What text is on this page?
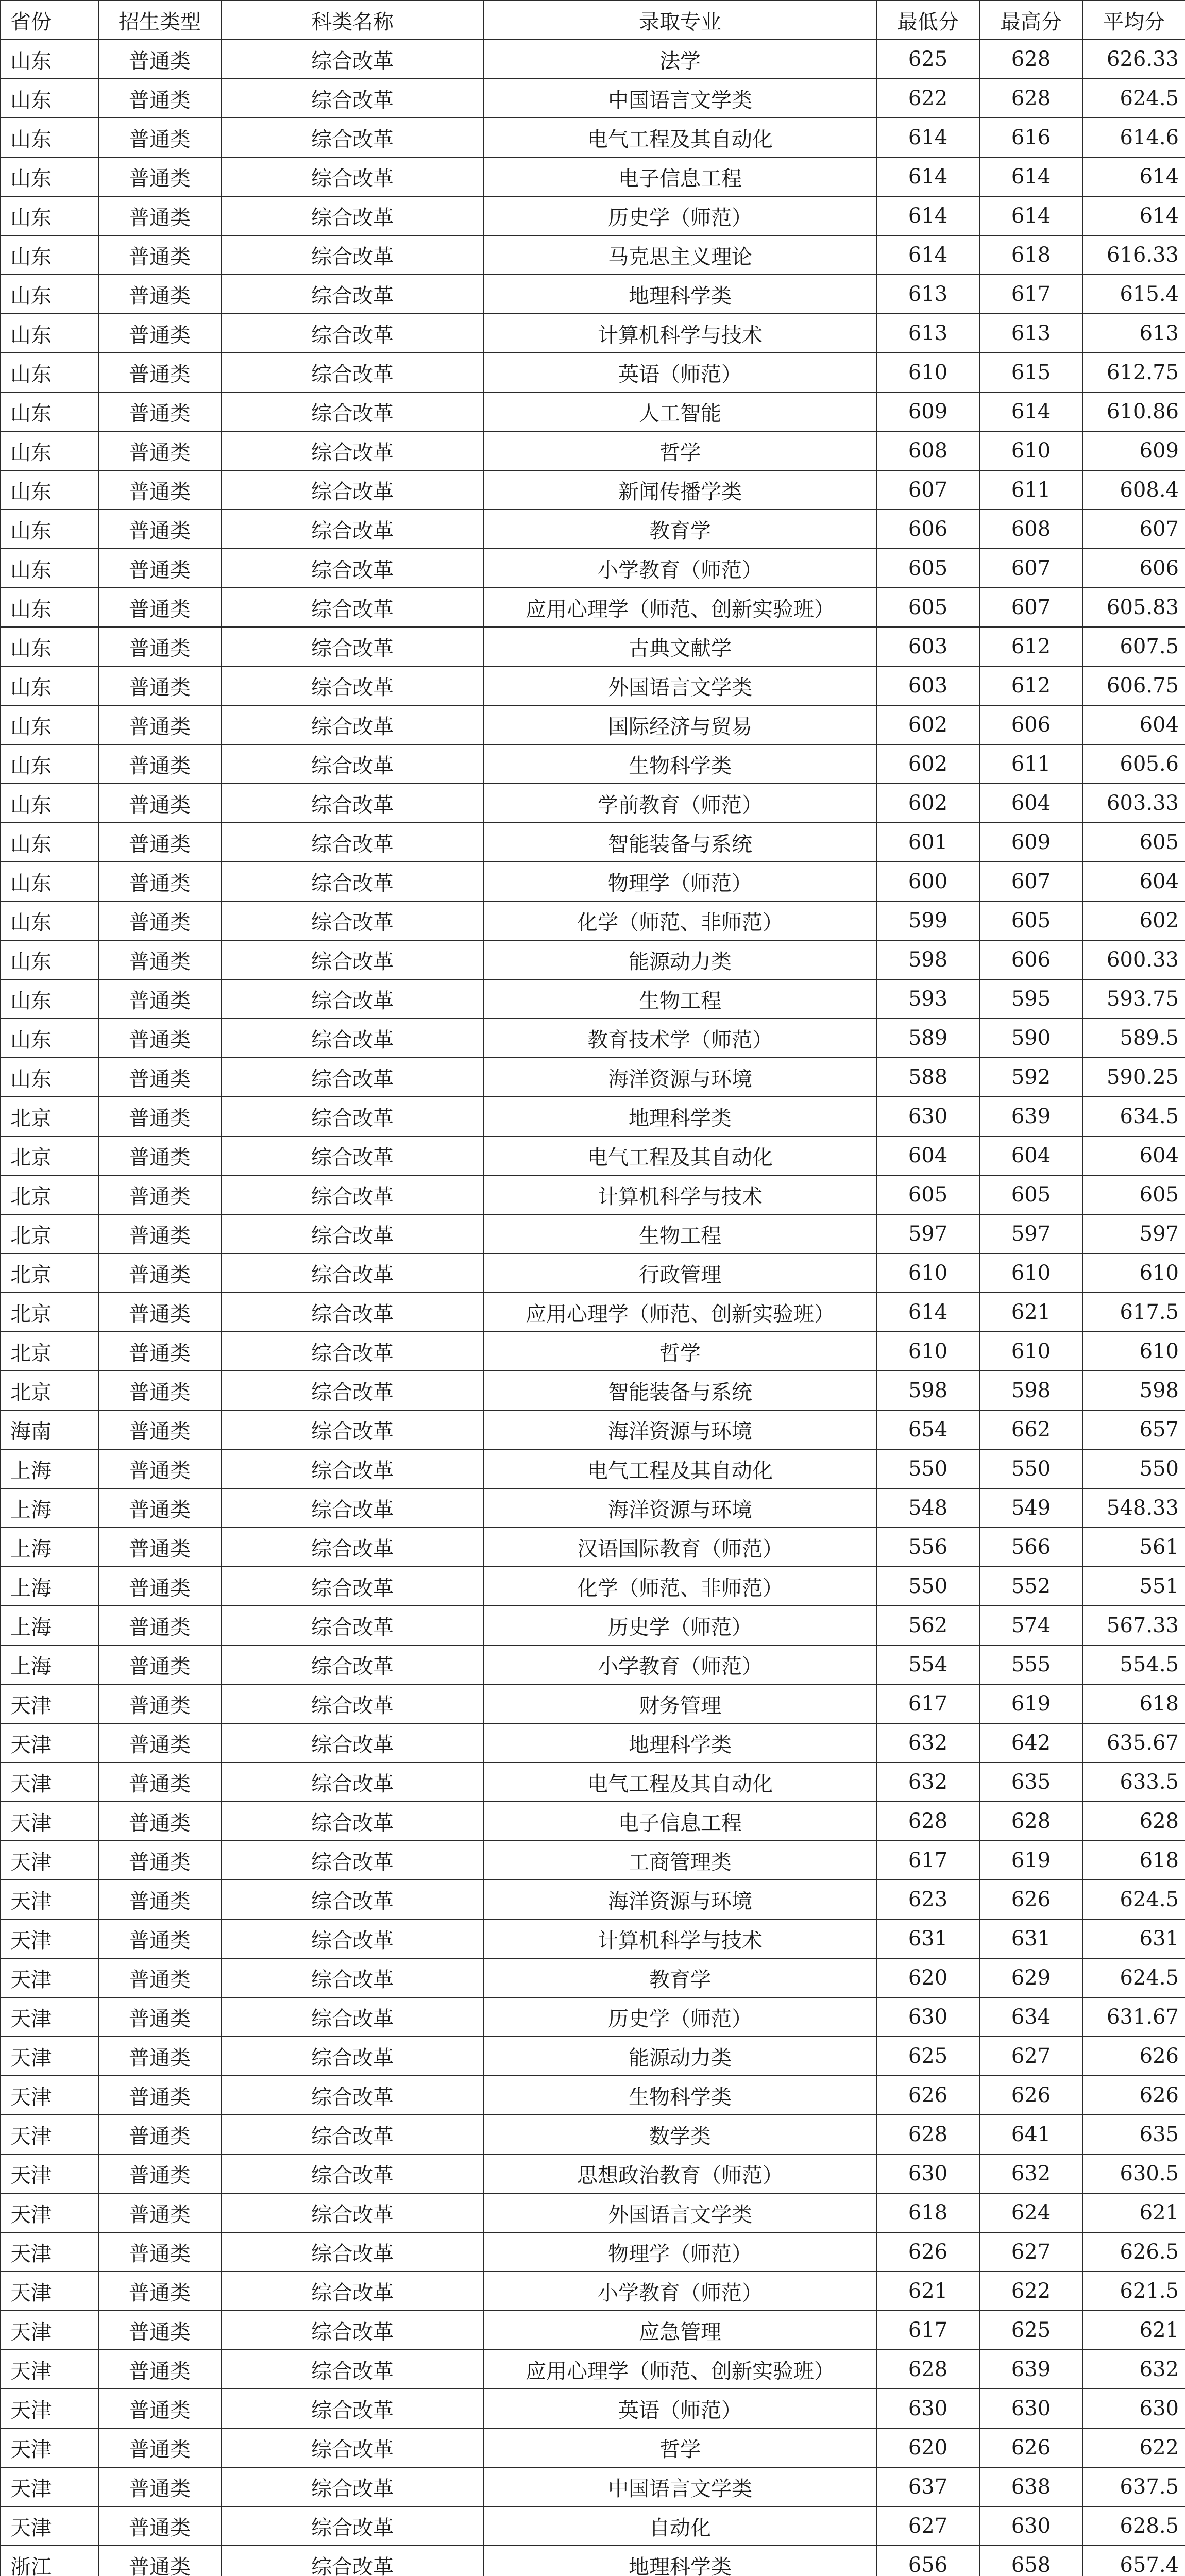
省份	招生类型	科类名称	录取专业	最低分	最高分	平均分
山东	普通类	综合改革	法学	625	628	626.33
山东	普通类	综合改革	中国语言文学类	622	628	624.5
山东	普通类	综合改革	电气工程及其自动化	614	616	614.6
山东	普通类	综合改革	电子信息工程	614	614	614
山东	普通类	综合改革	历史学（师范）	614	614	614
山东	普通类	综合改革	马克思主义理论	614	618	616.33
山东	普通类	综合改革	地理科学类	613	617	615.4
山东	普通类	综合改革	计算机科学与技术	613	613	613
山东	普通类	综合改革	英语（师范）	610	615	612.75
山东	普通类	综合改革	人工智能	609	614	610.86
山东	普通类	综合改革	哲学	608	610	609
山东	普通类	综合改革	新闻传播学类	607	611	608.4
山东	普通类	综合改革	教育学	606	608	607
山东	普通类	综合改革	小学教育（师范）	605	607	606
山东	普通类	综合改革	应用心理学（师范、创新实验班）	605	607	605.83
山东	普通类	综合改革	古典文献学	603	612	607.5
山东	普通类	综合改革	外国语言文学类	603	612	606.75
山东	普通类	综合改革	国际经济与贸易	602	606	604
山东	普通类	综合改革	生物科学类	602	611	605.6
山东	普通类	综合改革	学前教育（师范）	602	604	603.33
山东	普通类	综合改革	智能装备与系统	601	609	605
山东	普通类	综合改革	物理学（师范）	600	607	604
山东	普通类	综合改革	化学（师范、非师范）	599	605	602
山东	普通类	综合改革	能源动力类	598	606	600.33
山东	普通类	综合改革	生物工程	593	595	593.75
山东	普通类	综合改革	教育技术学（师范）	589	590	589.5
山东	普通类	综合改革	海洋资源与环境	588	592	590.25
北京	普通类	综合改革	地理科学类	630	639	634.5
北京	普通类	综合改革	电气工程及其自动化	604	604	604
北京	普通类	综合改革	计算机科学与技术	605	605	605
北京	普通类	综合改革	生物工程	597	597	597
北京	普通类	综合改革	行政管理	610	610	610
北京	普通类	综合改革	应用心理学（师范、创新实验班）	614	621	617.5
北京	普通类	综合改革	哲学	610	610	610
北京	普通类	综合改革	智能装备与系统	598	598	598
海南	普通类	综合改革	海洋资源与环境	654	662	657
上海	普通类	综合改革	电气工程及其自动化	550	550	550
上海	普通类	综合改革	海洋资源与环境	548	549	548.33
上海	普通类	综合改革	汉语国际教育（师范）	556	566	561
上海	普通类	综合改革	化学（师范、非师范）	550	552	551
上海	普通类	综合改革	历史学（师范）	562	574	567.33
上海	普通类	综合改革	小学教育（师范）	554	555	554.5
天津	普通类	综合改革	财务管理	617	619	618
天津	普通类	综合改革	地理科学类	632	642	635.67
天津	普通类	综合改革	电气工程及其自动化	632	635	633.5
天津	普通类	综合改革	电子信息工程	628	628	628
天津	普通类	综合改革	工商管理类	617	619	618
天津	普通类	综合改革	海洋资源与环境	623	626	624.5
天津	普通类	综合改革	计算机科学与技术	631	631	631
天津	普通类	综合改革	教育学	620	629	624.5
天津	普通类	综合改革	历史学（师范）	630	634	631.67
天津	普通类	综合改革	能源动力类	625	627	626
天津	普通类	综合改革	生物科学类	626	626	626
天津	普通类	综合改革	数学类	628	641	635
天津	普通类	综合改革	思想政治教育（师范）	630	632	630.5
天津	普通类	综合改革	外国语言文学类	618	624	621
天津	普通类	综合改革	物理学（师范）	626	627	626.5
天津	普通类	综合改革	小学教育（师范）	621	622	621.5
天津	普通类	综合改革	应急管理	617	625	621
天津	普通类	综合改革	应用心理学（师范、创新实验班）	628	639	632
天津	普通类	综合改革	英语（师范）	630	630	630
天津	普通类	综合改革	哲学	620	626	622
天津	普通类	综合改革	中国语言文学类	637	638	637.5
天津	普通类	综合改革	自动化	627	630	628.5
浙江	普通类	综合改革	地理科学类	656	658	657.4
